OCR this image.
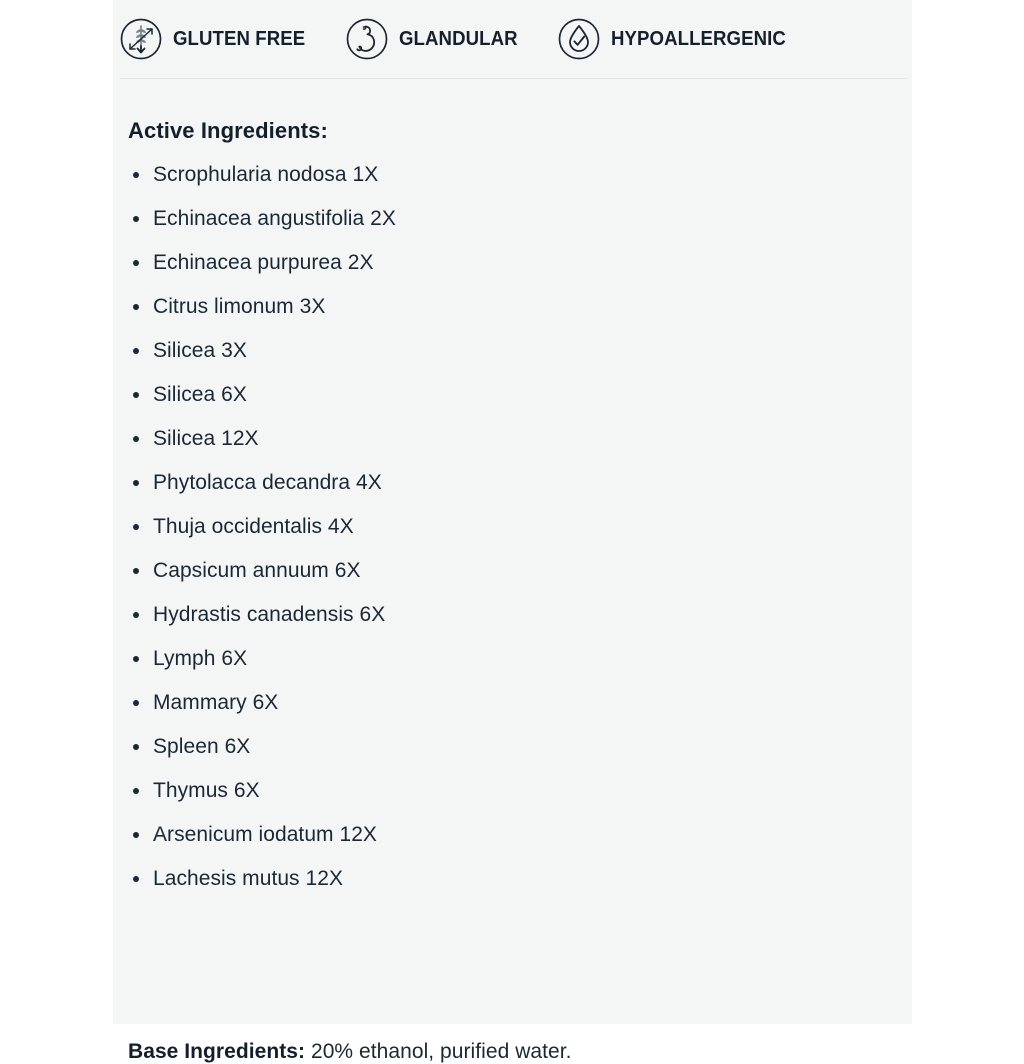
GLUTEN FREE	GLANDULAR	HYPOALLERGENIC
Active Ingredients:
Scrophularia nodosa 1X
Echinacea angustifolia 2X
Echinacea purpurea 2X
Citrus limonum 3X
Silicea 3X
Silicea 6X
Silicea 12X
Phytolacca decandra 4X
Thuja occidentalis 4X
Capsicum annuum 6X
Hydrastis canadensis 6X
Lymph 6X
Mammary 6X
Spleen 6X
Thymus 6X
Arsenicum iodatum 12X
Lachesis mutus 12X
Base Ingredients: 20% ethanol, purified water.
